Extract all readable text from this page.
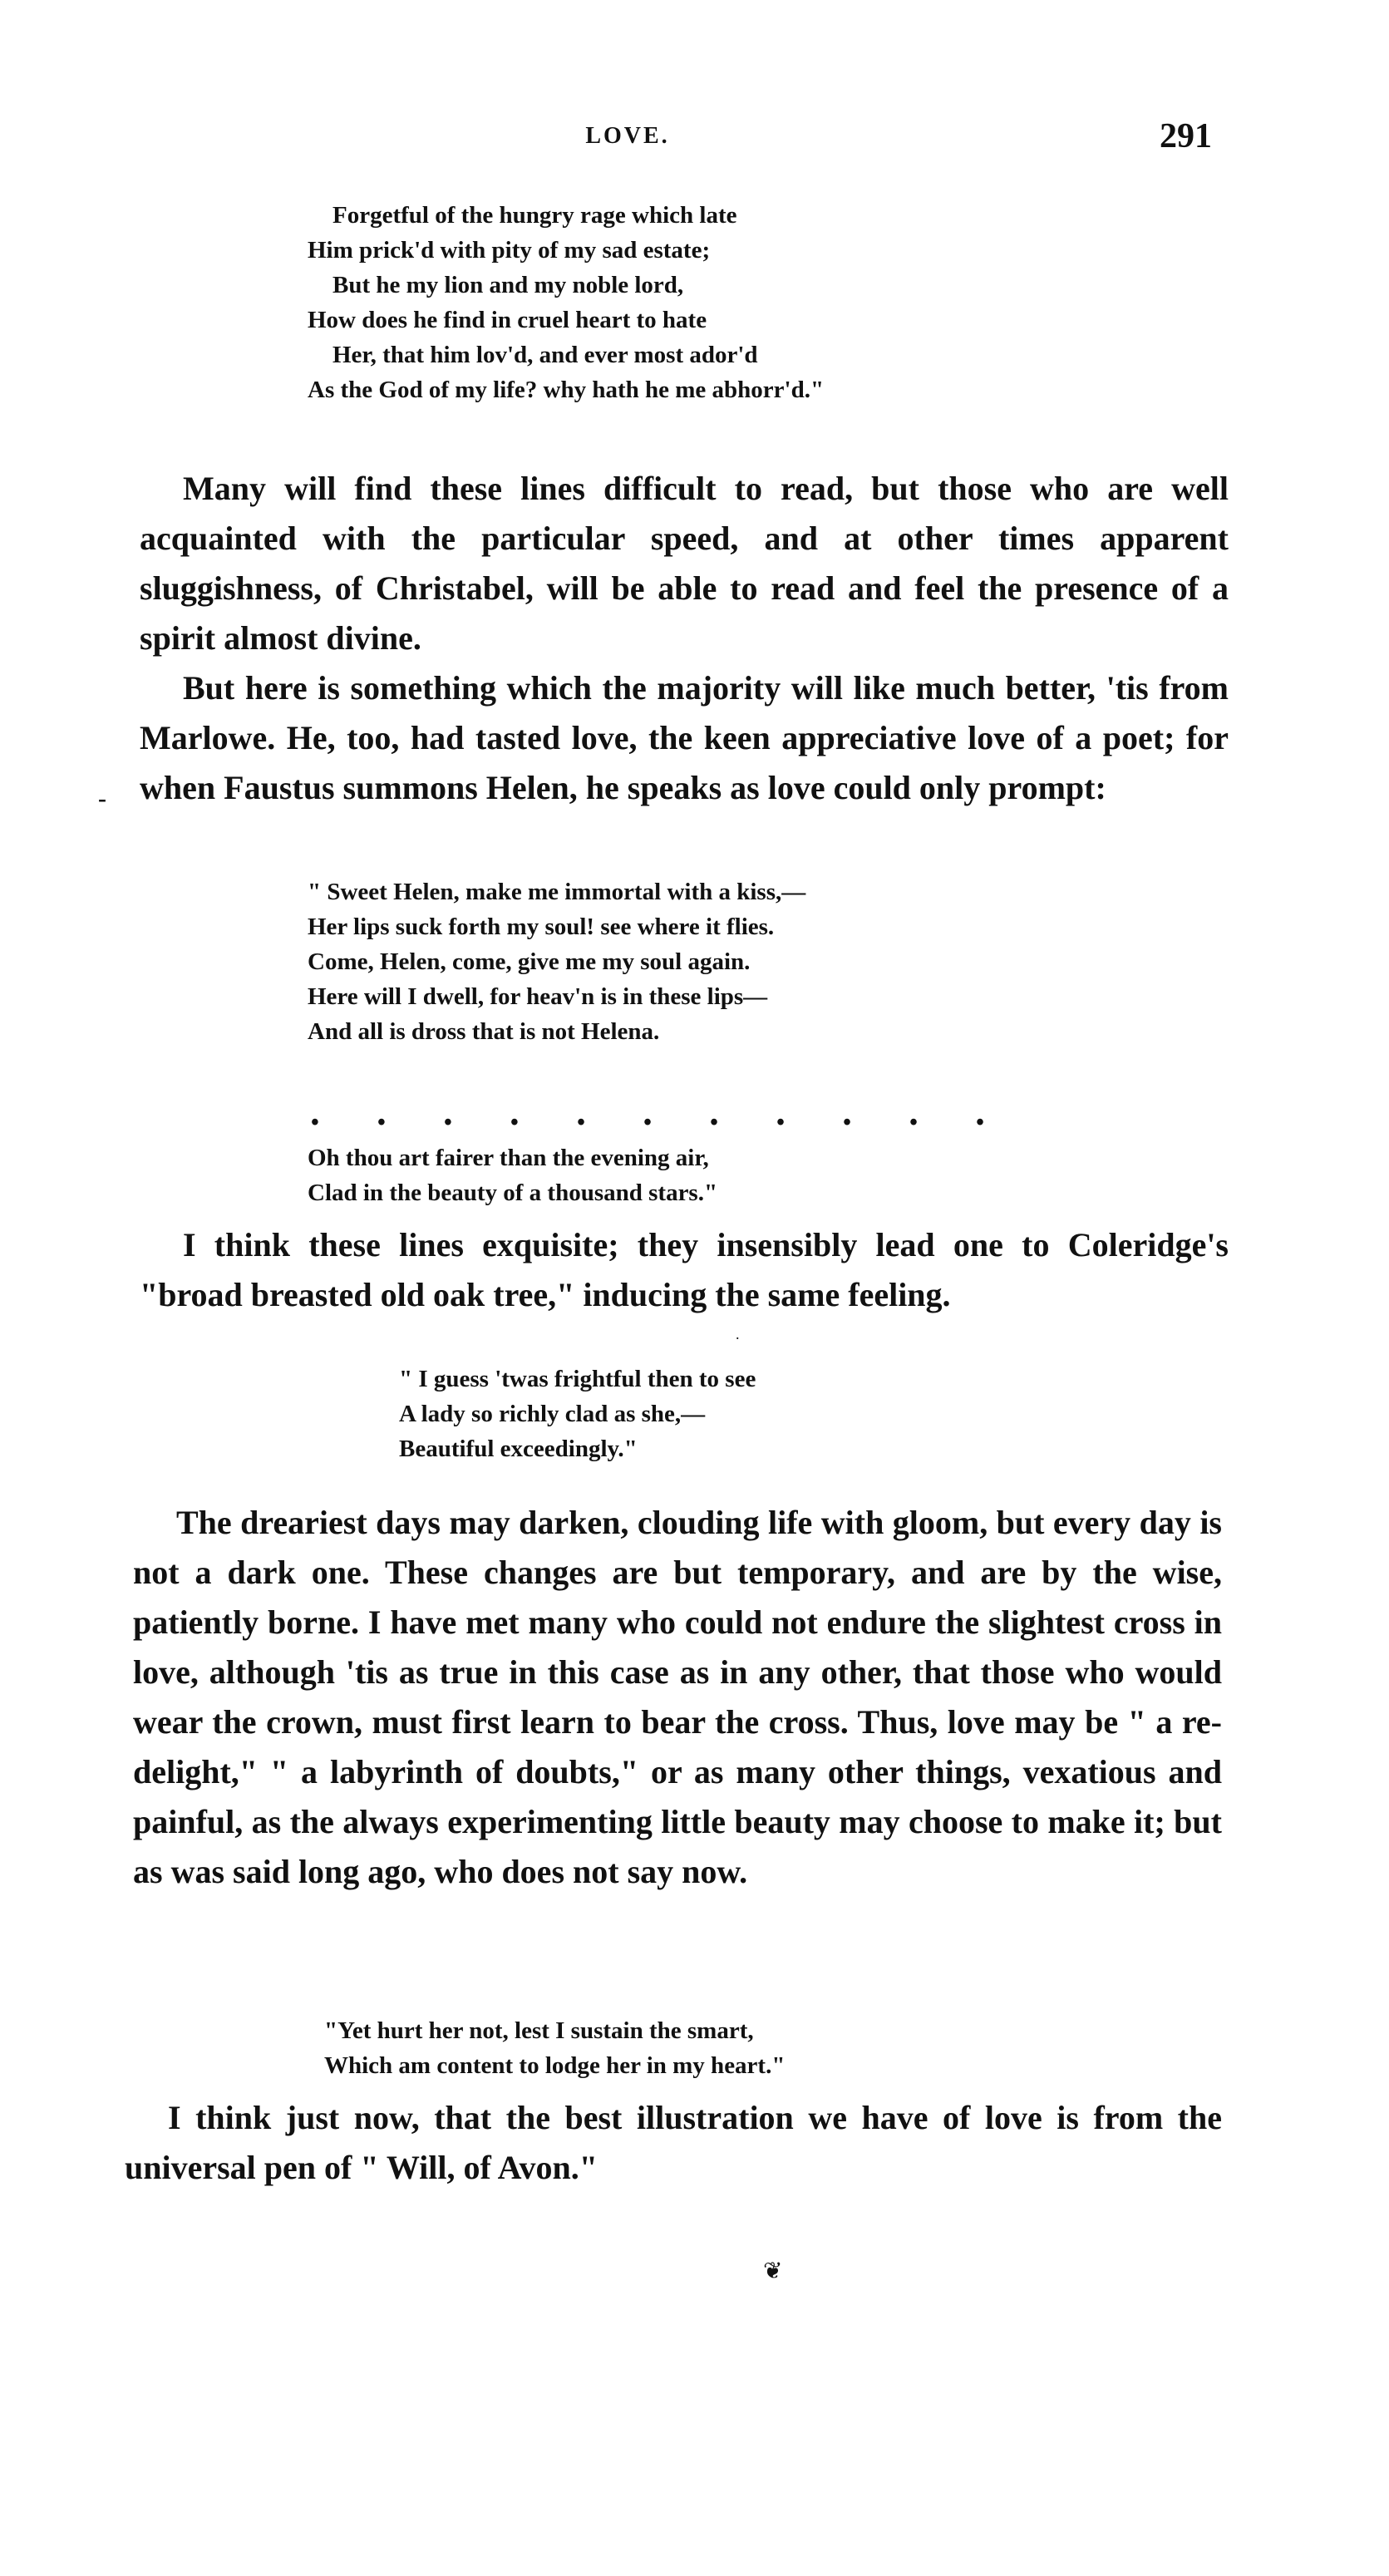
LOVE.	291
Forgetful of the hungry rage which late
Him prick'd with pity of my sad estate;
But he my lion and my noble lord,
How does he find in cruel heart to hate
Her, that him lov'd, and ever most ador'd
As the God of my life? why hath he me abhorr'd."

Many will find these lines difficult to read, but those who are well acquainted with the particular speed, and at other times apparent sluggishness, of Christabel, will be able to read and feel the presence of a spirit almost divine.

But here is something which the majority will like much better, 'tis from Marlowe. He, too, had tasted love, the keen appreciative love of a poet; for when Faustus summons Helen, he speaks as love could only prompt:

-
" Sweet Helen, make me immortal with a kiss,—
Her lips suck forth my soul! see where it flies.
Come, Helen, come, give me my soul again.
Here will I dwell, for heav'n is in these lips—
And all is dross that is not Helena.
•	•	•	•	•	•	•	•	•	•	•
Oh thou art fairer than the evening air,
Clad in the beauty of a thousand stars."

I think these lines exquisite; they insensibly lead one to Coleridge's "broad breasted old oak tree," inducing the same feeling.

.
" I guess 'twas frightful then to see
A lady so richly clad as she,—
Beautiful exceedingly."

The dreariest days may darken, clouding life with gloom, but every day is not a dark one. These changes are but temporary, and are by the wise, patiently borne. I have met many who could not endure the slightest cross in love, although 'tis as true in this case as in any other, that those who would wear the crown, must first learn to bear the cross. Thus, love may be " a re-delight," " a labyrinth of doubts," or as many other things, vexatious and painful, as the always experimenting little beauty may choose to make it; but as was said long ago, who does not say now.

"Yet hurt her not, lest I sustain the smart,
Which am content to lodge her in my heart."

I think just now, that the best illustration we have of love is from the universal pen of " Will, of Avon."

❦
